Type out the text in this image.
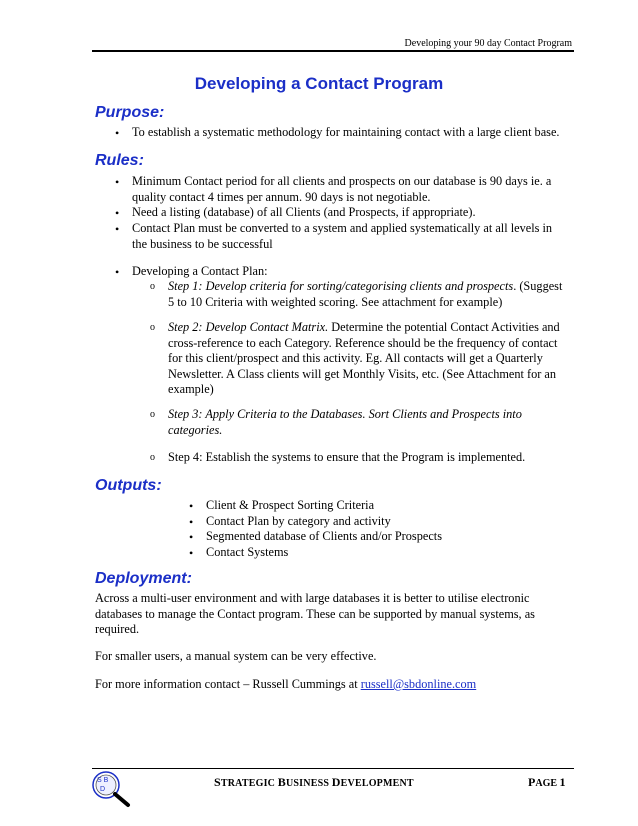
Developing your 90 day Contact Program
Developing a Contact Program
Purpose:
• To establish a systematic methodology for maintaining contact with a large client base.
Rules:
• Minimum Contact period for all clients and prospects on our database is 90 days ie. a
quality contact 4 times per annum. 90 days is not negotiable.
• Need a listing (database) of all Clients (and Prospects, if appropriate).
• Contact Plan must be converted to a system and applied systematically at all levels in
the business to be successful
• Developing a Contact Plan:
o Step 1: Develop criteria for sorting/categorising clients and prospects. (Suggest
5 to 10 Criteria with weighted scoring. See attachment for example)
o Step 2: Develop Contact Matrix. Determine the potential Contact Activities and
cross-reference to each Category. Reference should be the frequency of contact
for this client/prospect and this activity. Eg. All contacts will get a Quarterly
Newsletter. A Class clients will get Monthly Visits, etc. (See Attachment for an
example)
o Step 3: Apply Criteria to the Databases. Sort Clients and Prospects into
categories.
o Step 4: Establish the systems to ensure that the Program is implemented.
Outputs:
• Client & Prospect Sorting Criteria
• Contact Plan by category and activity
• Segmented database of Clients and/or Prospects
• Contact Systems
Deployment:
Across a multi-user environment and with large databases it is better to utilise electronic
databases to manage the Contact program. These can be supported by manual systems, as
required.
For smaller users, a manual system can be very effective.
For more information contact – Russell Cummings at russell@sbdonline.com
S B
D
STRATEGIC BUSINESS DEVELOPMENT	PAGE 1
